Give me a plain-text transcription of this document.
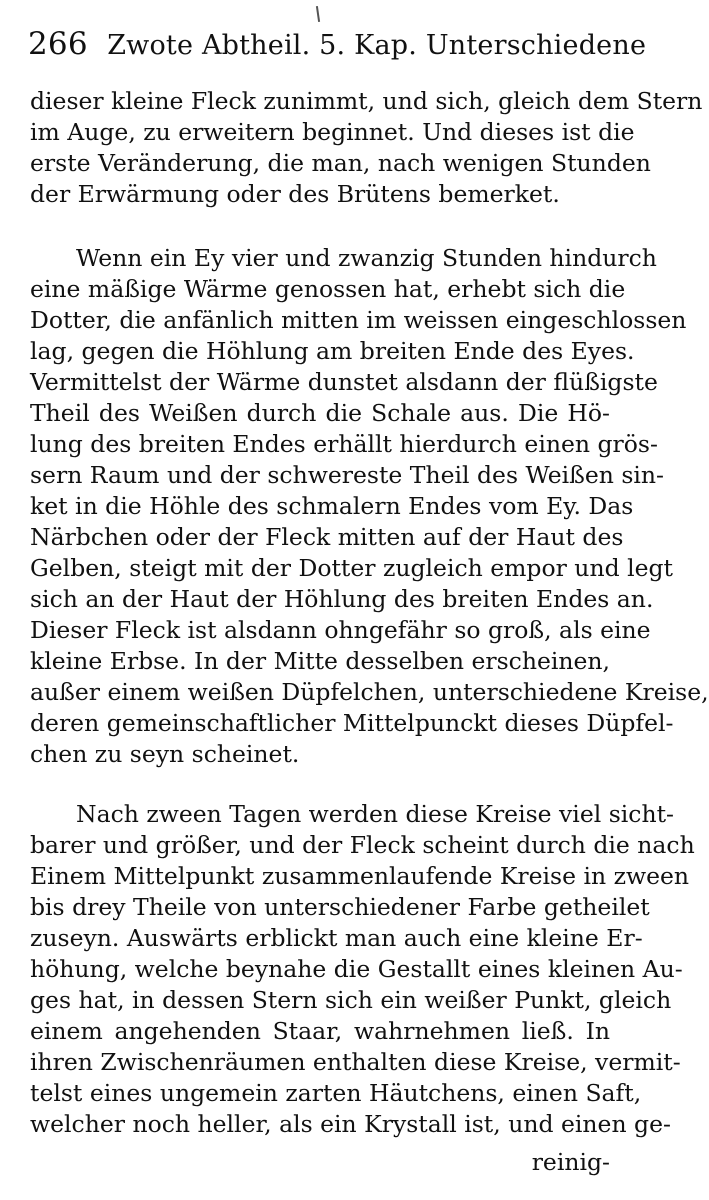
266 Zwote Abtheil. 5. Kap. Unterschiedene
dieser kleine Fleck zunimmt, und sich, gleich dem Stern
im Auge, zu erweitern beginnet. Und dieses ist die
erste Veränderung, die man, nach wenigen Stunden
der Erwärmung oder des Brütens bemerket.
Wenn ein Ey vier und zwanzig Stunden hindurch
eine mäßige Wärme genossen hat, erhebt sich die
Dotter, die anfänlich mitten im weissen eingeschlossen
lag, gegen die Höhlung am breiten Ende des Eyes.
Vermittelst der Wärme dunstet alsdann der flüßigste
Theil des Weißen durch die Schale aus. Die Hö-
lung des breiten Endes erhällt hierdurch einen grös-
sern Raum und der schwereste Theil des Weißen sin-
ket in die Höhle des schmalern Endes vom Ey. Das
Närbchen oder der Fleck mitten auf der Haut des
Gelben, steigt mit der Dotter zugleich empor und legt
sich an der Haut der Höhlung des breiten Endes an.
Dieser Fleck ist alsdann ohngefähr so groß, als eine
kleine Erbse. In der Mitte desselben erscheinen,
außer einem weißen Düpfelchen, unterschiedene Kreise,
deren gemeinschaftlicher Mittelpunckt dieses Düpfel-
chen zu seyn scheinet.
Nach zween Tagen werden diese Kreise viel sicht-
barer und größer, und der Fleck scheint durch die nach
Einem Mittelpunkt zusammenlaufende Kreise in zween
bis drey Theile von unterschiedener Farbe getheilet
zuseyn. Auswärts erblickt man auch eine kleine Er-
höhung, welche beynahe die Gestallt eines kleinen Au-
ges hat, in dessen Stern sich ein weißer Punkt, gleich
einem angehenden Staar, wahrnehmen ließ. In
ihren Zwischenräumen enthalten diese Kreise, vermit-
telst eines ungemein zarten Häutchens, einen Saft,
welcher noch heller, als ein Krystall ist, und einen ge-
reinig-
